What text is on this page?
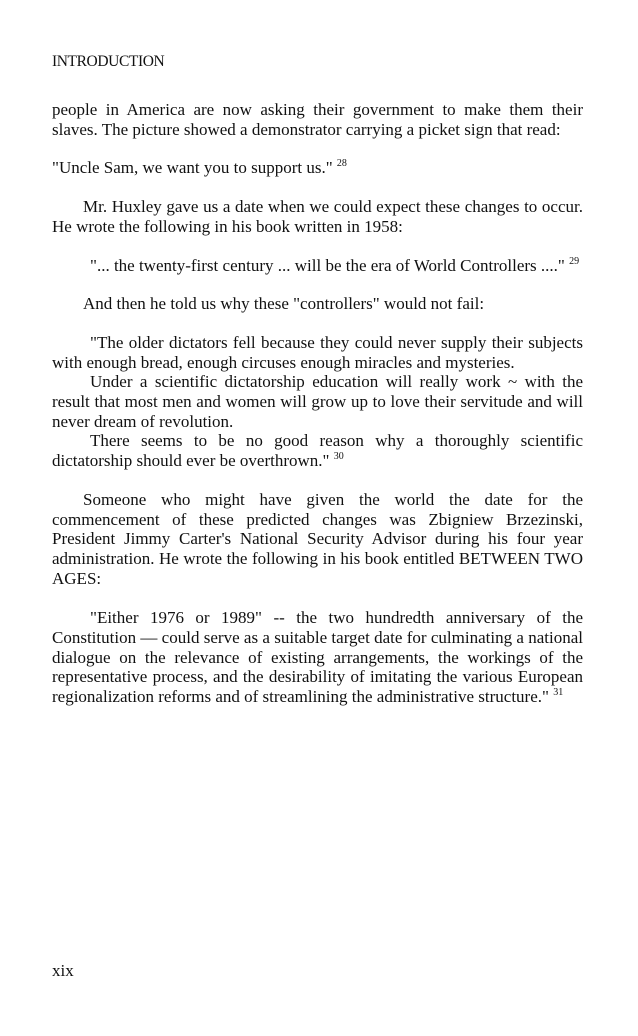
INTRODUCTION

people in America are now asking their government to make them their slaves. The picture showed a demonstrator carrying a picket sign that read:

"Uncle Sam, we want you to support us." $^{28}$

Mr. Huxley gave us a date when we could expect these changes to occur. He wrote the following in his book written in 1958:

"... the twenty-first century ... will be the era of World Controllers ...." $^{29}$

And then he told us why these "controllers" would not fail:

"The older dictators fell because they could never supply their subjects with enough bread, enough circuses enough miracles and mysteries.

Under a scientific dictatorship education will really work ~ with the result that most men and women will grow up to love their servitude and will never dream of revolution.

There seems to be no good reason why a thoroughly scientific dictatorship should ever be overthrown." $^{30}$

Someone who might have given the world the date for the commencement of these predicted changes was Zbigniew Brzezinski, President Jimmy Carter's National Security Advisor during his four year administration. He wrote the following in his book entitled BETWEEN TWO AGES:

"Either 1976 or 1989" -- the two hundredth anniversary of the Constitution — could serve as a suitable target date for culminating a national dialogue on the relevance of existing arrangements, the workings of the representative process, and the desirability of imitating the various European regionalization reforms and of streamlining the administrative structure." $^{31}$

xix
